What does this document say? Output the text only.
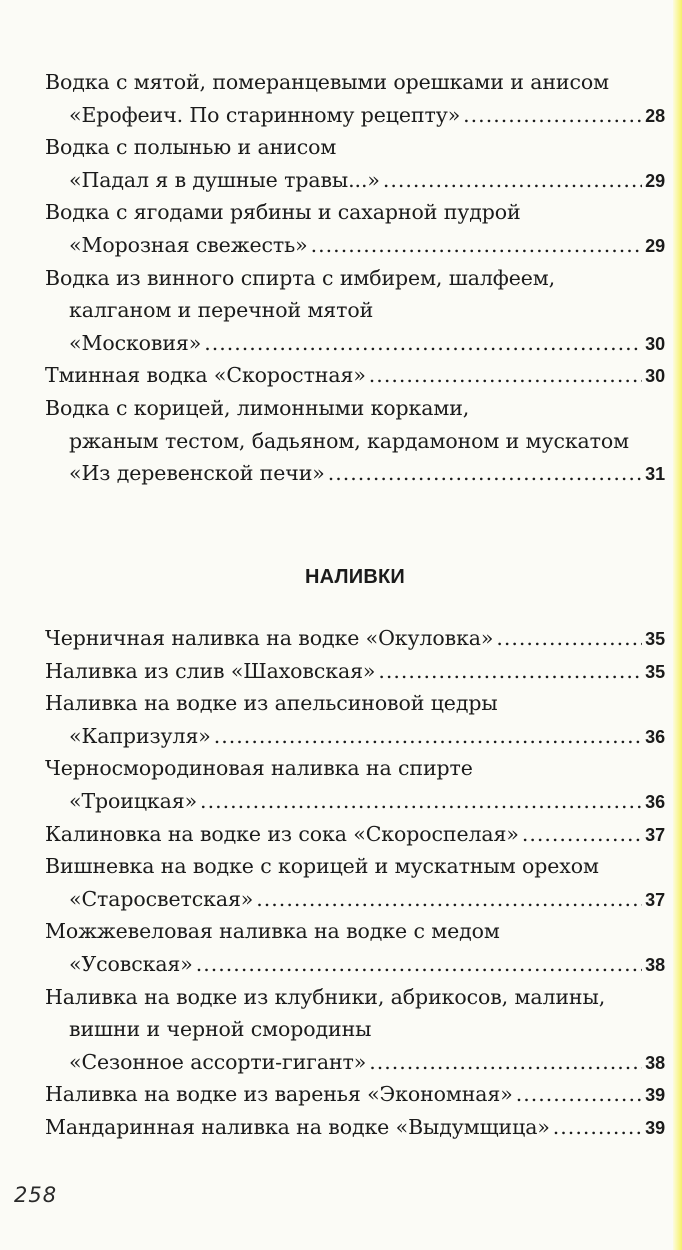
Водка с мятой, померанцевыми орешками и анисом
«Ерофеич. По старинному рецепту» .....	28
Водка с полынью и анисом
«Падал я в душные травы...» .....	29
Водка с ягодами рябины и сахарной пудрой
«Морозная свежесть» .....	29
Водка из винного спирта с имбирем, шалфеем,
калганом и перечной мятой
«Московия» .....	30
Тминная водка «Скоростная» .....	30
Водка с корицей, лимонными корками,
ржаным тестом, бадьяном, кардамоном и мускатом
«Из деревенской печи» .....	31
НАЛИВКИ
Черничная наливка на водке «Окуловка» .....	35
Наливка из слив «Шаховская» .....	35
Наливка на водке из апельсиновой цедры
«Капризуля» .....	36
Черносмородиновая наливка на спирте
«Троицкая» .....	36
Калиновка на водке из сока «Скороспелая» .....	37
Вишневка на водке с корицей и мускатным орехом
«Старосветская» .....	37
Можжевеловая наливка на водке с медом
«Усовская» .....	38
Наливка на водке из клубники, абрикосов, малины,
вишни и черной смородины
«Сезонное ассорти-гигант» .....	38
Наливка на водке из варенья «Экономная» .....	39
Мандаринная наливка на водке «Выдумщица» .....	39
258
